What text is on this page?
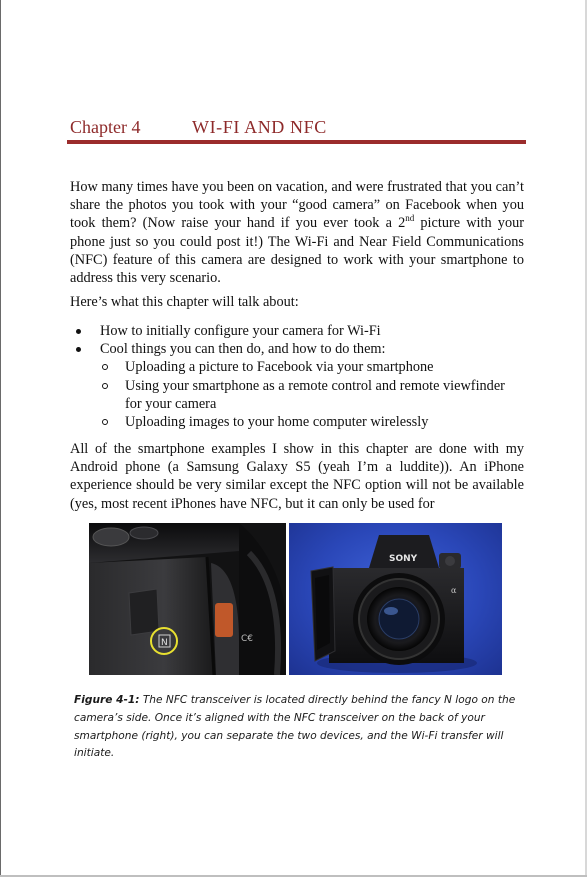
Chapter 4	WI-FI AND NFC

How many times have you been on vacation, and were frustrated that you can’t share the photos you took with your “good camera” on Facebook when you took them? (Now raise your hand if you ever took a 2nd picture with your phone just so you could post it!) The Wi-Fi and Near Field Communications (NFC) feature of this camera are designed to work with your smartphone to address this very scenario.

Here’s what this chapter will talk about:

How to initially configure your camera for Wi-Fi
Cool things you can then do, and how to do them:
Uploading a picture to Facebook via your smartphone
Using your smartphone as a remote control and remote viewfinder for your camera
Uploading images to your home computer wirelessly

All of the smartphone examples I show in this chapter are done with my Android phone (a Samsung Galaxy S5 (yeah I’m a luddite)). An iPhone experience should be very similar except the NFC option will not be available (yes, most recent iPhones have NFC, but it can only be used for

C€
N
SONY
α
Figure 4-1: The NFC transceiver is located directly behind the fancy N logo on the camera’s side. Once it’s aligned with the NFC transceiver on the back of your smartphone (right), you can separate the two devices, and the Wi-Fi transfer will initiate.
